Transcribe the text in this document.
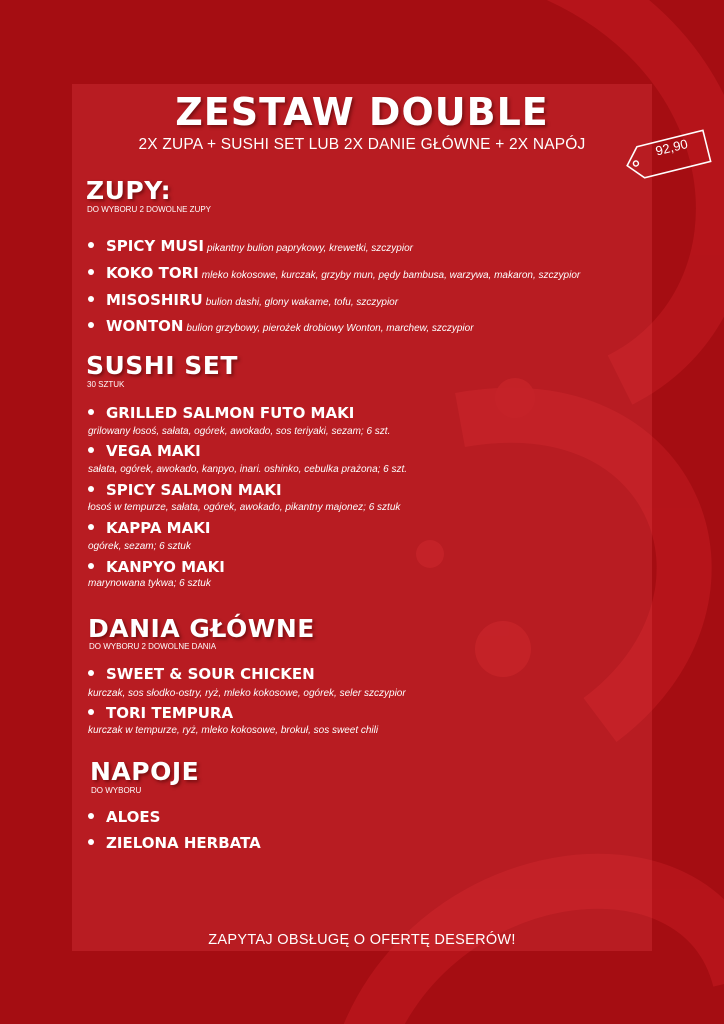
ZESTAW DOUBLE
2X ZUPA + SUSHI SET LUB 2X DANIE GŁÓWNE + 2X NAPÓJ	92,90
ZUPY:
DO WYBORU 2 DOWOLNE ZUPY
SPICY MUSI pikantny bulion paprykowy, krewetki, szczypior
KOKO TORI mleko kokosowe, kurczak, grzyby mun, pędy bambusa, warzywa, makaron, szczypior
MISOSHIRU bulion dashi, glony wakame, tofu, szczypior
WONTON bulion grzybowy, pierożek drobiowy Wonton, marchew, szczypior
SUSHI SET
30 SZTUK
GRILLED SALMON FUTO MAKI
grilowany łosoś, sałata, ogórek, awokado, sos teriyaki, sezam; 6 szt.
VEGA MAKI
sałata, ogórek, awokado, kanpyo, inari. oshinko, cebulka prażona; 6 szt.
SPICY SALMON MAKI
łosoś w tempurze, sałata, ogórek, awokado, pikantny majonez; 6 sztuk
KAPPA MAKI
ogórek, sezam; 6 sztuk
KANPYO MAKI
marynowana tykwa; 6 sztuk
DANIA GŁÓWNE
DO WYBORU 2 DOWOLNE DANIA
SWEET & SOUR CHICKEN
kurczak, sos słodko-ostry, ryż, mleko kokosowe, ogórek, seler szczypior
TORI TEMPURA
kurczak w tempurze, ryż, mleko kokosowe, brokuł, sos sweet chili
NAPOJE
DO WYBORU
ALOES
ZIELONA HERBATA
ZAPYTAJ OBSŁUGĘ O OFERTĘ DESERÓW!
